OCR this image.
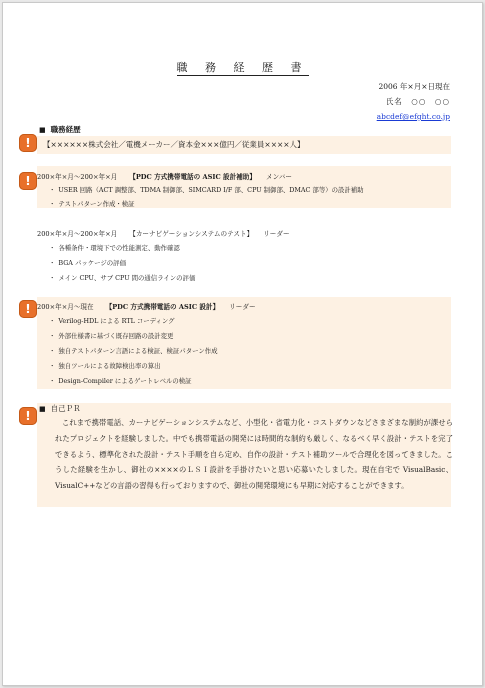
職 務 経 歴 書
2006 年×月×日現在
氏名　○○　○○
abcdef@efght.co.jp
■ 職務経歴
!	【××××××株式会社／電機メーカー／資本金×××億円／従業員××××人】
! 200×年×月〜200×年×月 【PDC 方式携帯電話の ASIC 設計補助】 メンバー
・ USER 回路（ACT 調整部、TDMA 制御部、SIMCARD I/F 部、CPU 制御部、DMAC 部等）の設計補助
・ テストパターン作成・検証
200×年×月〜200×年×月 【カーナビゲーションシステムのテスト】 リーダー
・ 各種条件・環境下での性能測定、動作確認
・ BGA パッケージの評価
・ メイン CPU、サブ CPU 間の通信ラインの評価
! 200×年×月〜現在 【PDC 方式携帯電話の ASIC 設計】 リーダー
・ Verilog-HDL による RTL コーディング
・ 外部仕様書に基づく既存回路の設計変更
・ 独自テストパターン言語による検証、検証パターン作成
・ 独自ツールによる故障検出率の算出
・ Design-Compiler によるゲートレベルの検証
!	■ 自己ＰＲ
これまで携帯電話、カーナビゲーションシステムなど、小型化・省電力化・コストダウンなどさまざまな制約が課せられたプロジェクトを経験しました。中でも携帯電話の開発には時間的な制約も厳しく、なるべく早く設計・テストを完了できるよう、標準化された設計・テスト手順を自ら定め、自作の設計・テスト補助ツールで合理化を図ってきました。こうした経験を生かし、御社の××××のＬＳＩ設計を手掛けたいと思い応募いたしました。現在自宅で VisualBasic、VisualC++などの言語の習得も行っておりますので、御社の開発環境にも早期に対応することができます。
